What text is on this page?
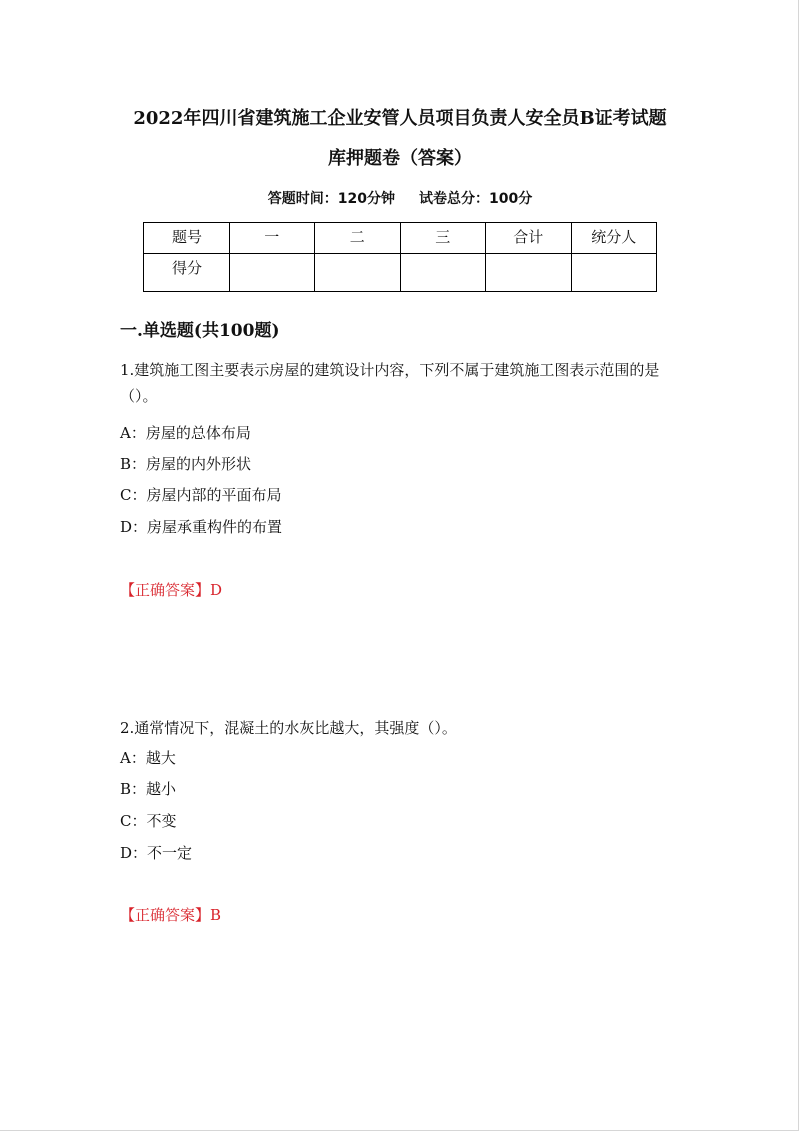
2022年四川省建筑施工企业安管人员项目负责人安全员B证考试题
库押题卷（答案）
答题时间：120分钟 试卷总分：100分
题号	一	二	三	合计	统分人
得分					
一.单选题(共100题)

1.建筑施工图主要表示房屋的建筑设计内容，下列不属于建筑施工图表示范围的是（）。

A：房屋的总体布局
B：房屋的内外形状
C：房屋内部的平面布局
D：房屋承重构件的布置
【正确答案】D

2.通常情况下，混凝土的水灰比越大，其强度（）。

A：越大
B：越小
C：不变
D：不一定
【正确答案】B
